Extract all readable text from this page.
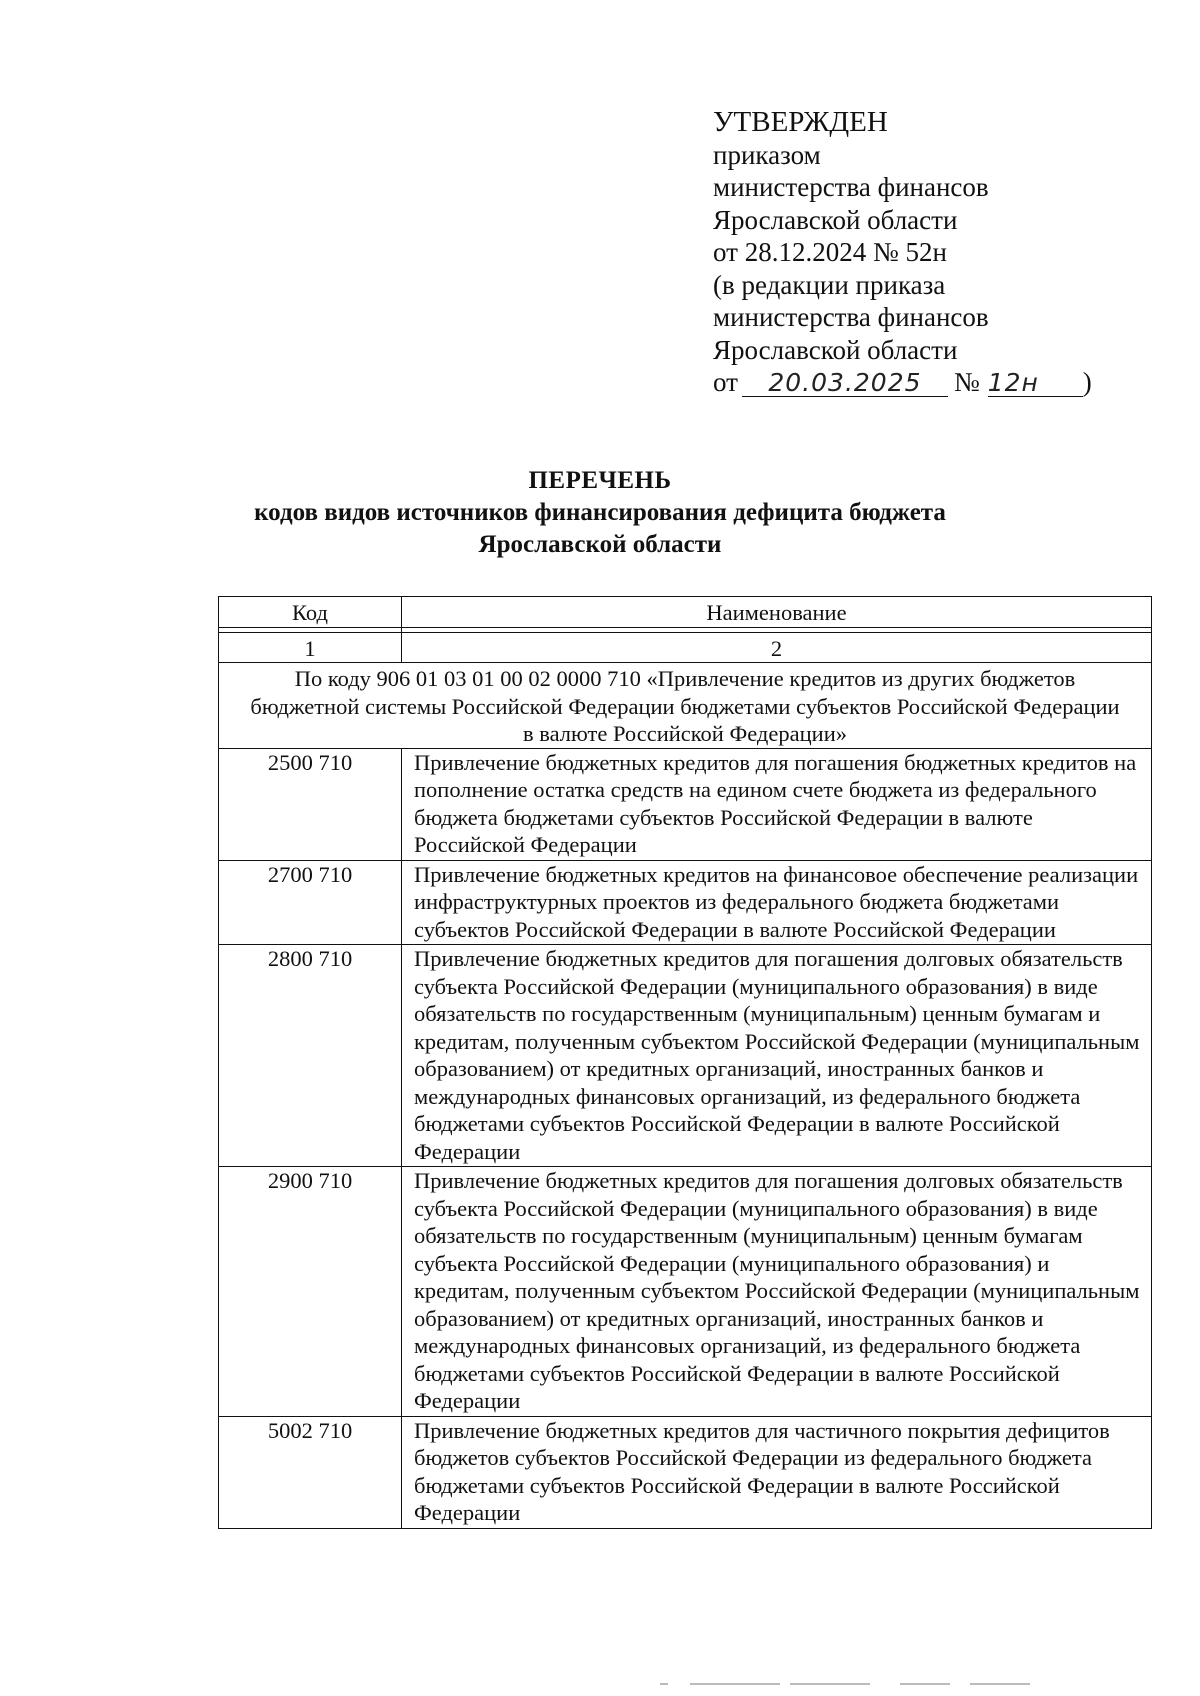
УТВЕРЖДЕН
приказом
министерства финансов
Ярославской области
от 28.12.2024 № 52н
(в редакции приказа
министерства финансов
Ярославской области
от 20.03.2025 № 12н )
ПЕРЕЧЕНЬ
кодов видов источников финансирования дефицита бюджета
Ярославской области
Код	Наименование

1	2
По коду 906 01 03 01 00 02 0000 710 «Привлечение кредитов из других бюджетов бюджетной системы Российской Федерации бюджетами субъектов Российской Федерации в валюте Российской Федерации»	
2500 710	Привлечение бюджетных кредитов для погашения бюджетных кредитов на пополнение остатка средств на едином счете бюджета из федерального бюджета бюджетами субъектов Российской Федерации в валюте Российской Федерации
2700 710	Привлечение бюджетных кредитов на финансовое обеспечение реализации инфраструктурных проектов из федерального бюджета бюджетами субъектов Российской Федерации в валюте Российской Федерации
2800 710	Привлечение бюджетных кредитов для погашения долговых обязательств субъекта Российской Федерации (муниципального образования) в виде обязательств по государственным (муниципальным) ценным бумагам и кредитам, полученным субъектом Российской Федерации (муниципальным образованием) от кредитных организаций, иностранных банков и международных финансовых организаций, из федерального бюджета бюджетами субъектов Российской Федерации в валюте Российской Федерации
2900 710	Привлечение бюджетных кредитов для погашения долговых обязательств субъекта Российской Федерации (муниципального образования) в виде обязательств по государственным (муниципальным) ценным бумагам субъекта Российской Федерации (муниципального образования) и кредитам, полученным субъектом Российской Федерации (муниципальным образованием) от кредитных организаций, иностранных банков и международных финансовых организаций, из федерального бюджета бюджетами субъектов Российской Федерации в валюте Российской Федерации
5002 710	Привлечение бюджетных кредитов для частичного покрытия дефицитов бюджетов субъектов Российской Федерации из федерального бюджета бюджетами субъектов Российской Федерации в валюте Российской Федерации
